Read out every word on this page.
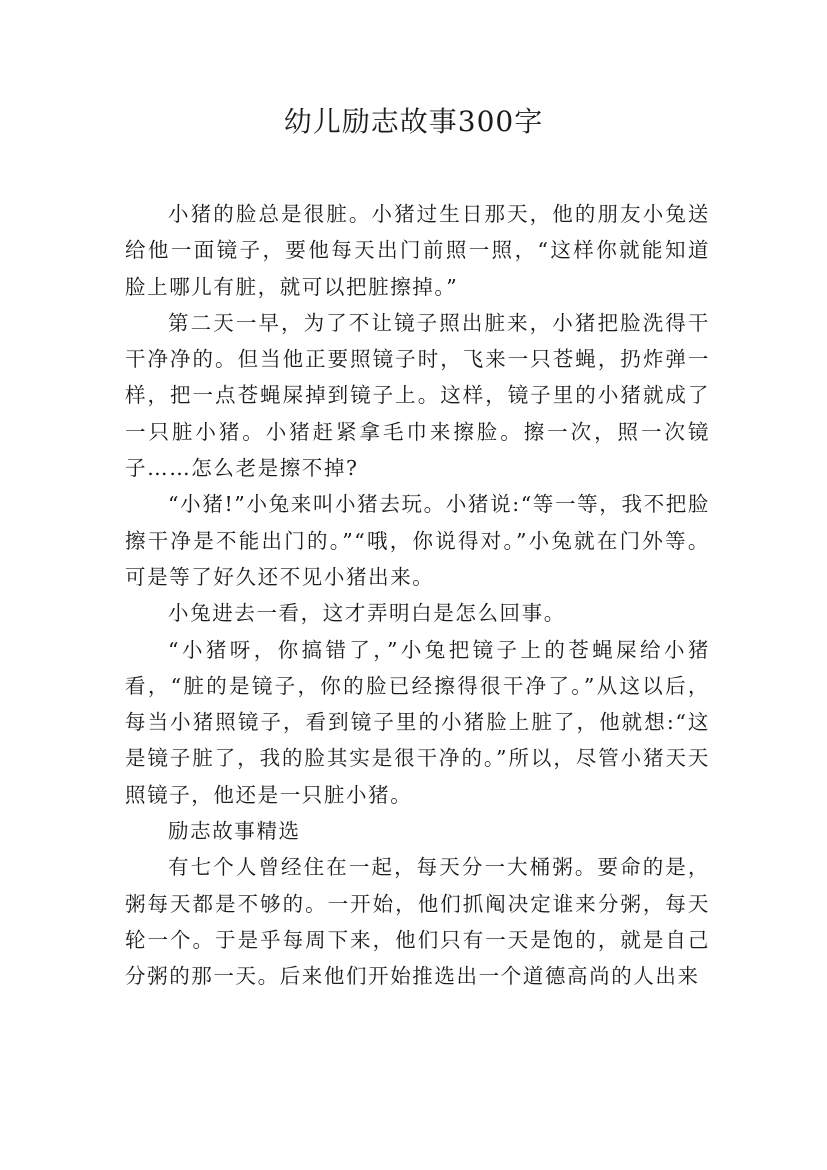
幼儿励志故事300字

小猪的脸总是很脏。小猪过生日那天，他的朋友小兔送给他一面镜子，要他每天出门前照一照，“这样你就能知道脸上哪儿有脏，就可以把脏擦掉。”

第二天一早，为了不让镜子照出脏来，小猪把脸洗得干干净净的。但当他正要照镜子时，飞来一只苍蝇，扔炸弹一样，把一点苍蝇屎掉到镜子上。这样，镜子里的小猪就成了一只脏小猪。小猪赶紧拿毛巾来擦脸。擦一次，照一次镜子……怎么老是擦不掉?

“小猪!”小兔来叫小猪去玩。小猪说:“等一等，我不把脸擦干净是不能出门的。”“哦，你说得对。”小兔就在门外等。可是等了好久还不见小猪出来。

小兔进去一看，这才弄明白是怎么回事。

“小猪呀，你搞错了，”小兔把镜子上的苍蝇屎给小猪看，“脏的是镜子，你的脸已经擦得很干净了。”从这以后，每当小猪照镜子，看到镜子里的小猪脸上脏了，他就想:“这是镜子脏了，我的脸其实是很干净的。”所以，尽管小猪天天照镜子，他还是一只脏小猪。

励志故事精选

有七个人曾经住在一起，每天分一大桶粥。要命的是，粥每天都是不够的。一开始，他们抓阄决定谁来分粥，每天轮一个。于是乎每周下来，他们只有一天是饱的，就是自己分粥的那一天。后来他们开始推选出一个道德高尚的人出来
